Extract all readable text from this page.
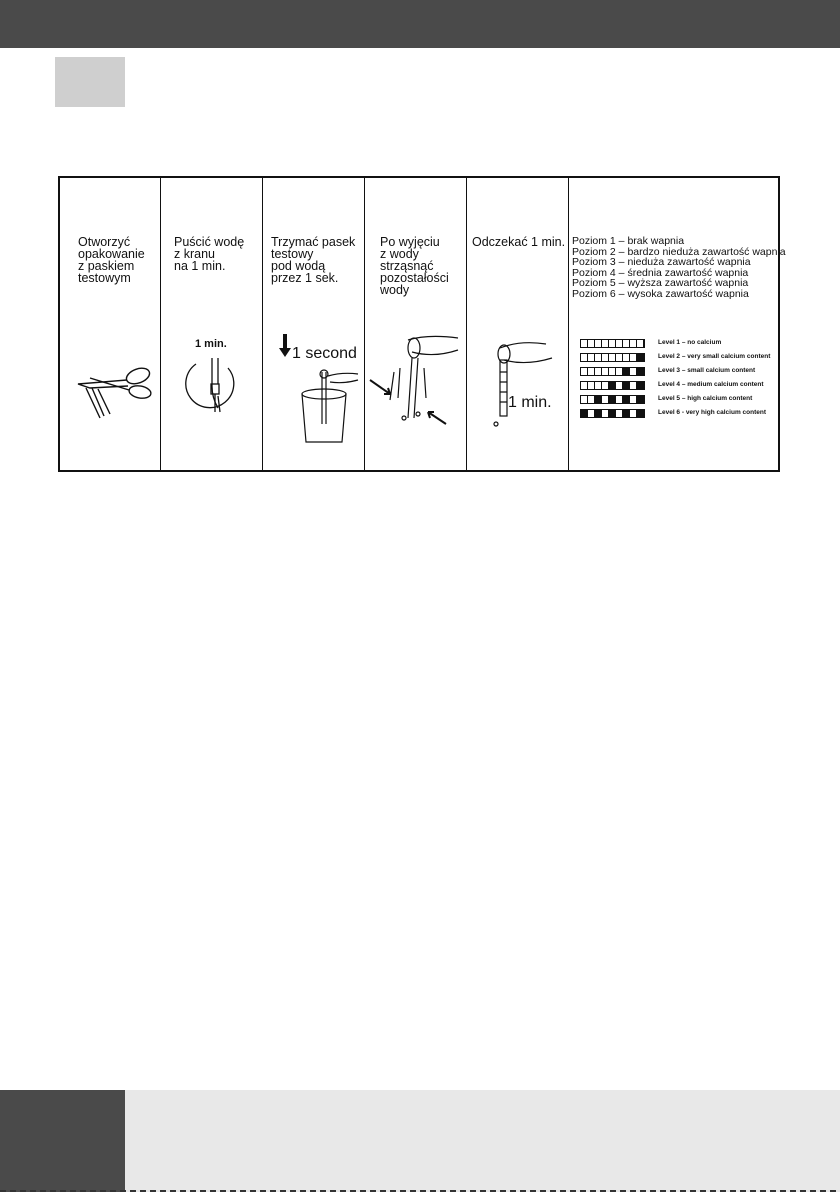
Otworzyć
opakowanie
z paskiem
testowym
Puścić wodę
z kranu
na 1 min.
Trzymać pasek
testowy
pod wodą
przez 1 sek.
Po wyjęciu
z wody
strząsnąć
pozostałości
wody
Odczekać 1 min. Poziom 1 – brak wapnia
Poziom 2 – bardzo nieduża zawartość wapnia
Poziom 3 – nieduża zawartość wapnia
Poziom 4 – średnia zawartość wapnia
Poziom 5 – wyższa zawartość wapnia
Poziom 6 – wysoka zawartość wapnia
1 min.
1 second
1 min.
Level 1 – no calcium
Level 2 – very small calcium content
Level 3 – small calcium content
Level 4 – medium calcium content
Level 5 – high calcium content
Level 6 - very high calcium content
